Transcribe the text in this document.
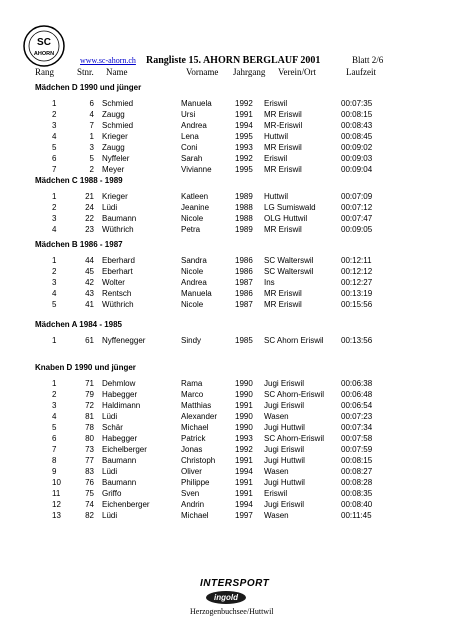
SC
AHORN
www.sc-ahorn.ch Rangliste 15. AHORN BERGLAUF 2001	Blatt 2/6
Rang	Stnr. Name	Vorname Jahrgang Verein/Ort	Laufzeit
Mädchen D 1990 und jünger
1	6 Schmied	Manuela	1992 Eriswil	00:07:35
2	4 Zaugg	Ursi	1991 MR Eriswil	00:08:15
3	7 Schmied	Andrea	1994 MR-Eriswil	00:08:43
4	1 Krieger	Lena	1995 Huttwil	00:08:45
5	3 Zaugg	Coni	1993 MR Eriswil	00:09:02
6	5 Nyffeler	Sarah	1992 Eriswil	00:09:03
7	2 Meyer	Vivianne	1995 MR Eriswil	00:09:04
Mädchen C 1988 - 1989
1	21 Krieger	Katleen	1989 Huttwil	00:07:09
2	24 Lüdi	Jeanine	1988 LG Sumiswald	00:07:12
3	22 Baumann	Nicole	1988 OLG Huttwil	00:07:47
4	23 Wüthrich	Petra	1989 MR Eriswil	00:09:05
Mädchen B 1986 - 1987
1	44 Eberhard	Sandra	1986 SC Walterswil	00:12:11
2	45 Eberhart	Nicole	1986 SC Walterswil	00:12:12
3	42 Wolter	Andrea	1987 Ins	00:12:27
4	43 Rentsch	Manuela	1986 MR Eriswil	00:13:19
5	41 Wüthrich	Nicole	1987 MR Eriswil	00:15:56
Mädchen A 1984 - 1985
1	61 Nyffenegger	Sindy	1985 SC Ahorn Eriswil 00:13:56
Knaben D 1990 und jünger
1	71 Dehmlow	Rama	1990 Jugi Eriswil	00:06:38
2	79 Habegger	Marco	1990 SC Ahorn-Eriswil 00:06:48
3	72 Haldimann	Matthias	1991 Jugi Eriswil	00:06:54
4	81 Lüdi	Alexander 1990 Wasen	00:07:23
5	78 Schär	Michael	1990 Jugi Huttwil	00:07:34
6	80 Habegger	Patrick	1993 SC Ahorn-Eriswil 00:07:58
7	73 Eichelberger	Jonas	1992 Jugi Eriswil	00:07:59
8	77 Baumann	Christoph 1991 Jugi Huttwil	00:08:15
9	83 Lüdi	Oliver	1994 Wasen	00:08:27
10	76 Baumann	Philippe	1991 Jugi Huttwil	00:08:28
11	75 Griffo	Sven	1991 Eriswil	00:08:35
12	74 Eichenberger	Andrin	1994 Jugi Eriswil	00:08:40
13	82 Lüdi	Michael	1997 Wasen	00:11:45
INTERSPORT
ingold
Herzogenbuchsee/Huttwil
